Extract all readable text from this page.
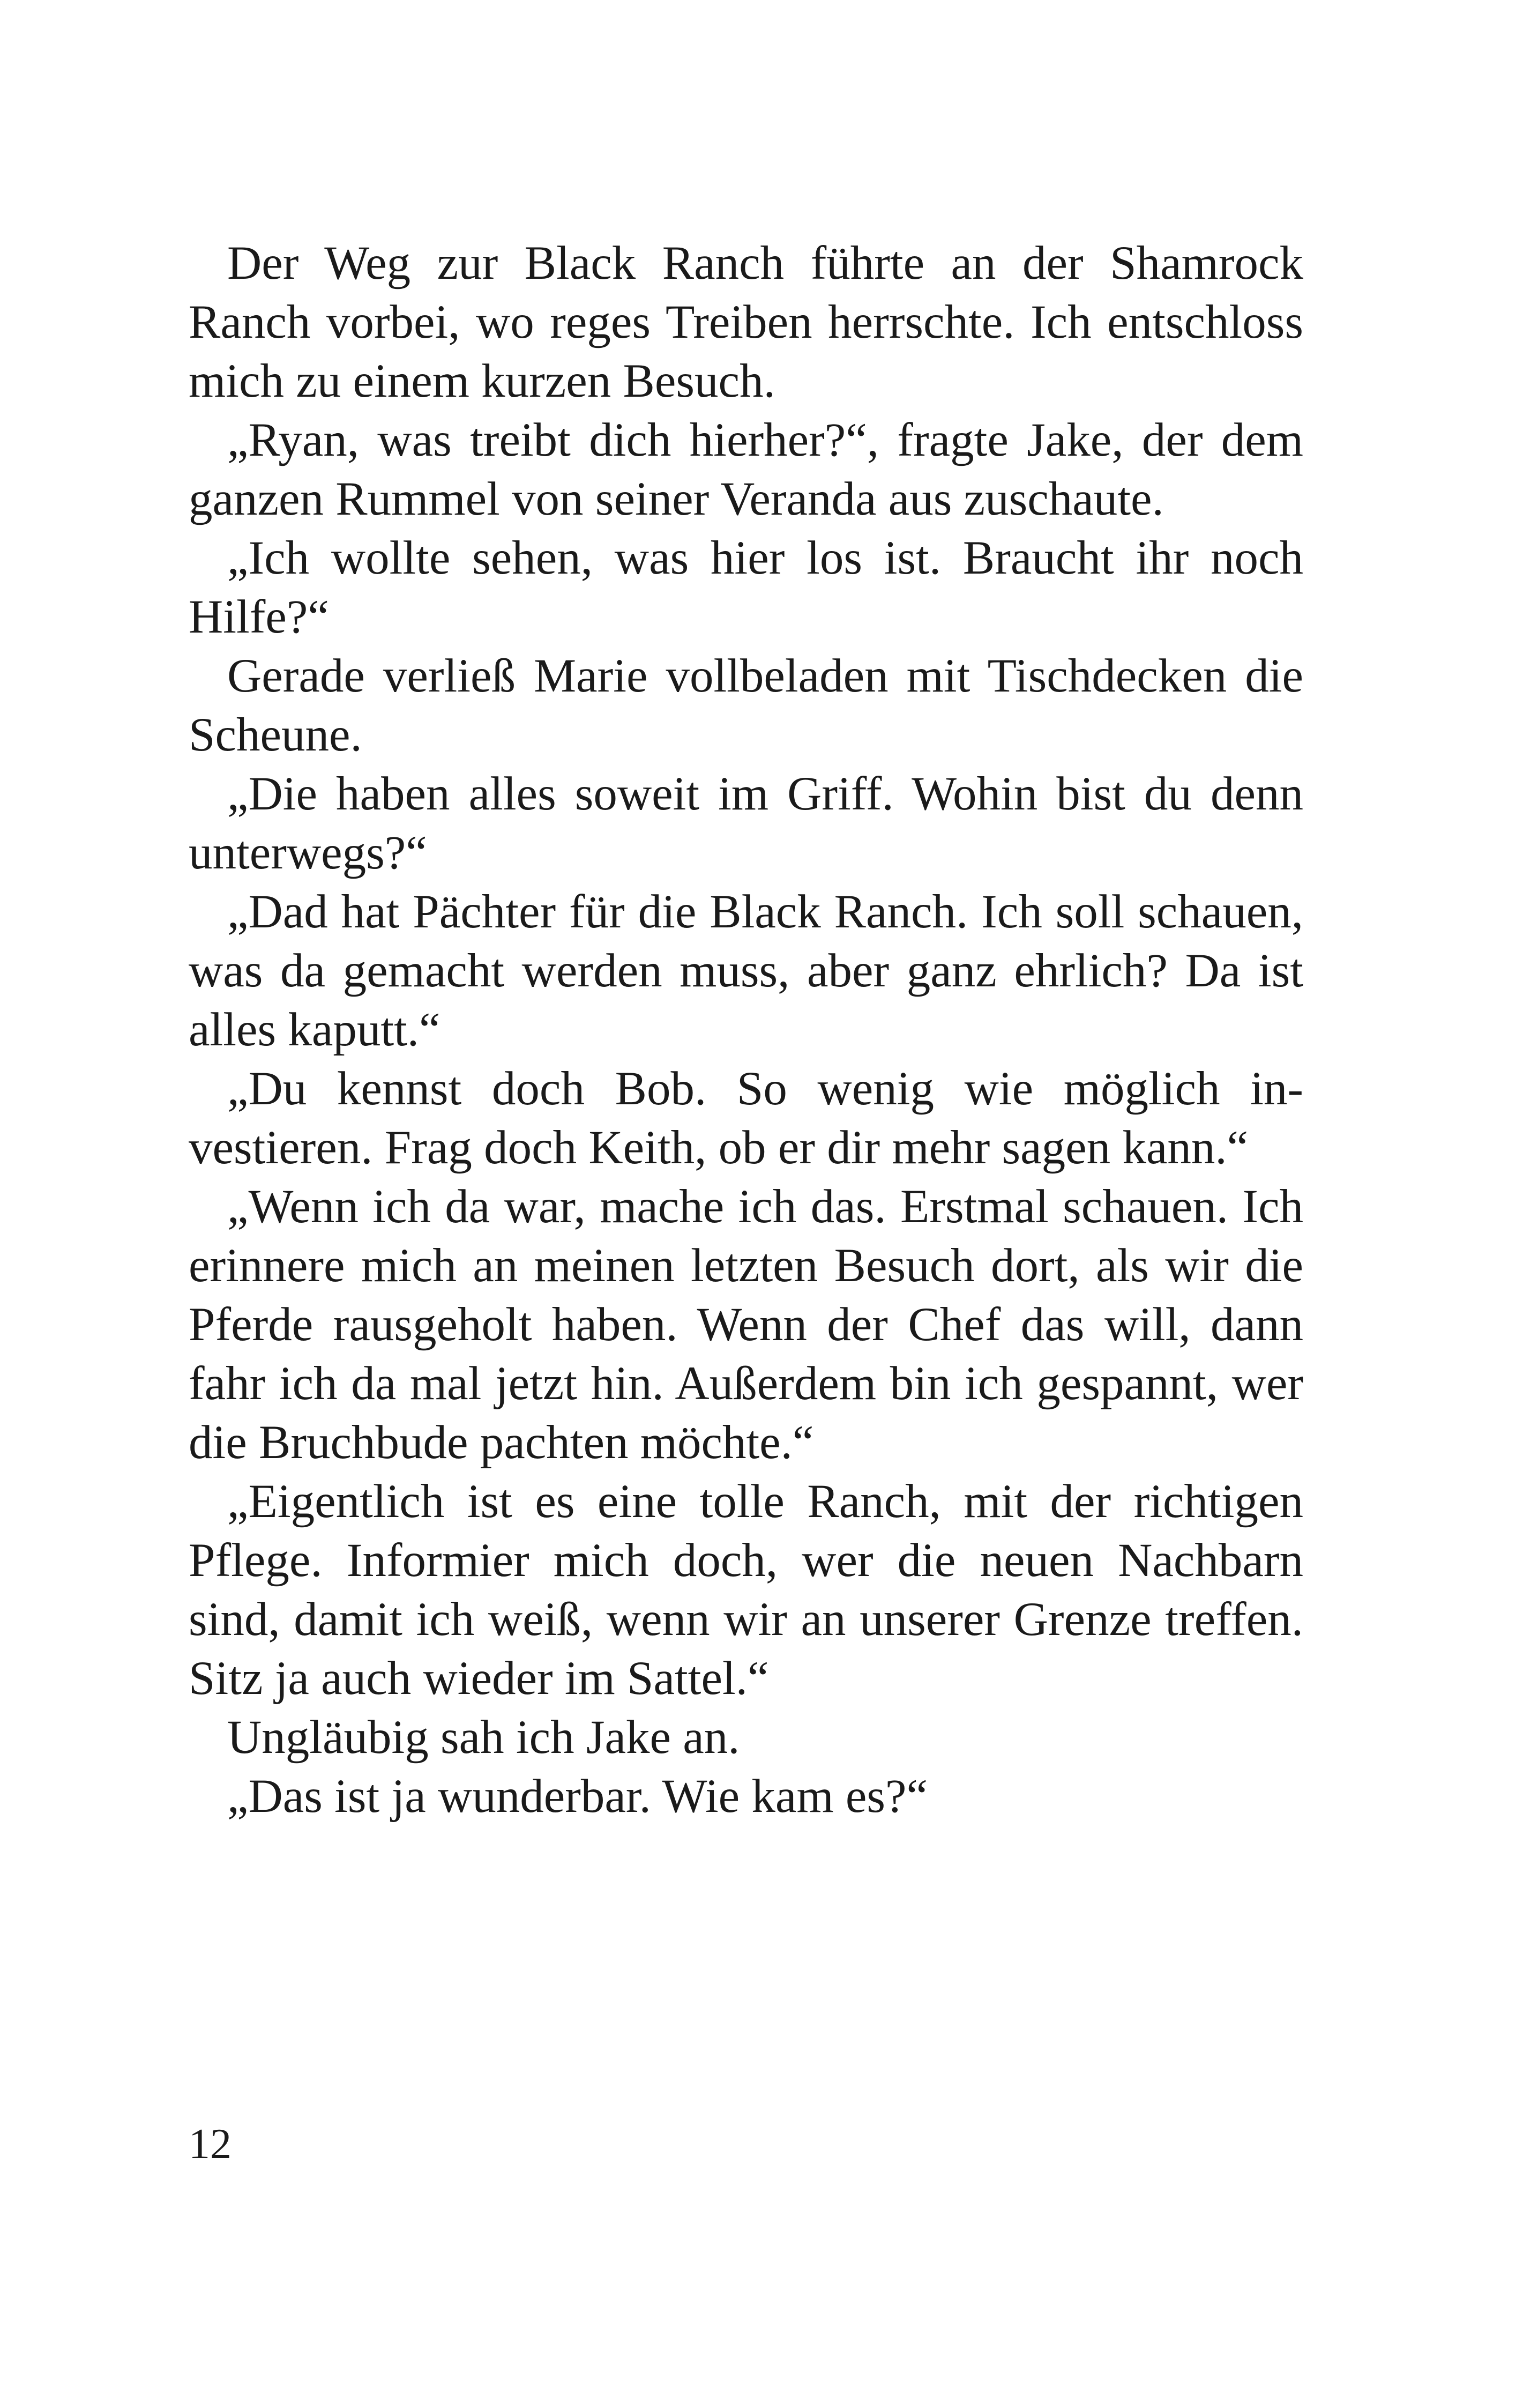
Der Weg zur Black Ranch führte an der Shamrock Ranch vorbei, wo reges Treiben herrschte. Ich entschloss mich zu einem kurzen Besuch.

„Ryan, was treibt dich hierher?“, fragte Jake, der dem ganzen Rummel von seiner Veranda aus zuschaute.

„Ich wollte sehen, was hier los ist. Braucht ihr noch Hilfe?“

Gerade verließ Marie vollbeladen mit Tischdecken die Scheune.

„Die haben alles soweit im Griff. Wohin bist du denn unterwegs?“

„Dad hat Pächter für die Black Ranch. Ich soll schauen, was da gemacht werden muss, aber ganz ehrlich? Da ist alles kaputt.“

„Du kennst doch Bob. So wenig wie möglich investieren. Frag doch Keith, ob er dir mehr sagen kann.“

„Wenn ich da war, mache ich das. Erstmal schauen. Ich erinnere mich an meinen letzten Besuch dort, als wir die Pferde rausgeholt haben. Wenn der Chef das will, dann fahr ich da mal jetzt hin. Außerdem bin ich gespannt, wer die Bruchbude pachten möchte.“

„Eigentlich ist es eine tolle Ranch, mit der richtigen Pflege. Informier mich doch, wer die neuen Nachbarn sind, damit ich weiß, wenn wir an unserer Grenze treffen. Sitz ja auch wieder im Sattel.“

Ungläubig sah ich Jake an.

„Das ist ja wunderbar. Wie kam es?“

12
